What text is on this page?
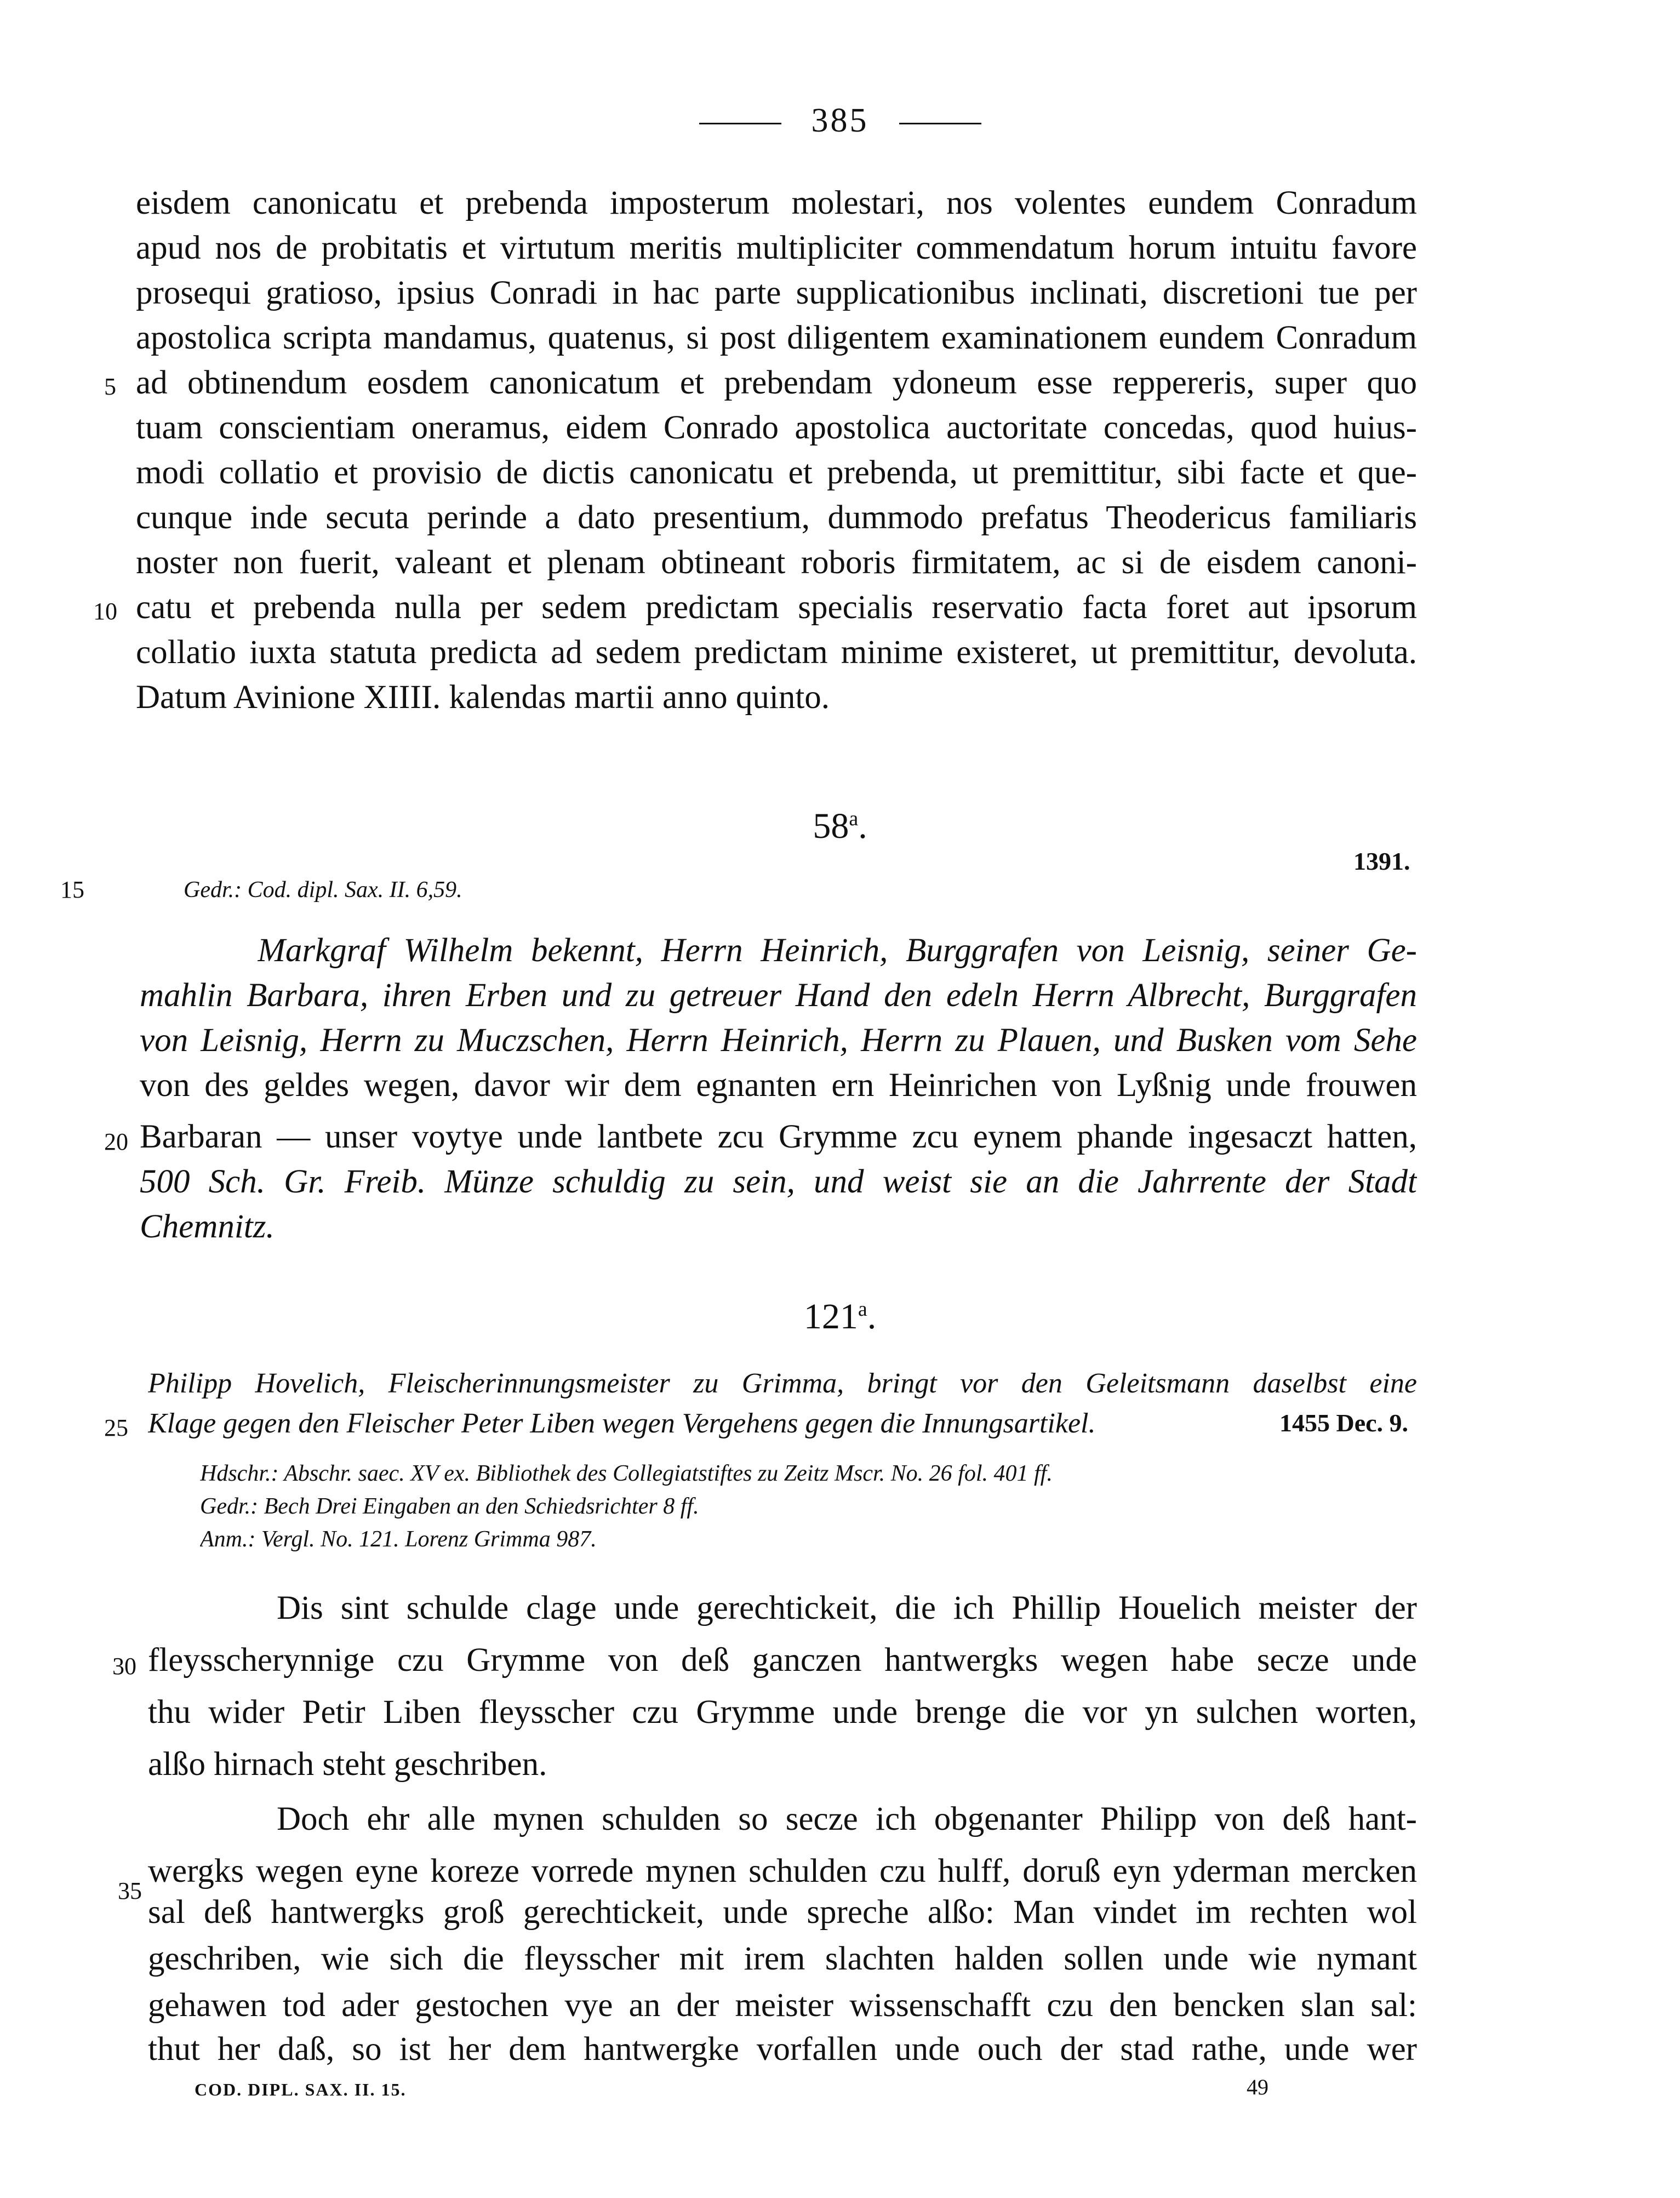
385
eisdem canonicatu et prebenda imposterum molestari, nos volentes eundem Conradum
apud nos de probitatis et virtutum meritis multipliciter commendatum horum intuitu favore
prosequi gratioso, ipsius Conradi in hac parte supplicationibus inclinati, discretioni tue per
apostolica scripta mandamus, quatenus, si post diligentem examinationem eundem Conradum
ad obtinendum eosdem canonicatum et prebendam ydoneum esse reppereris, super quo
tuam conscientiam oneramus, eidem Conrado apostolica auctoritate concedas, quod huius-
modi collatio et provisio de dictis canonicatu et prebenda, ut premittitur, sibi facte et que-
cunque inde secuta perinde a dato presentium, dummodo prefatus Theodericus familiaris
noster non fuerit, valeant et plenam obtineant roboris firmitatem, ac si de eisdem canoni-
catu et prebenda nulla per sedem predictam specialis reservatio facta foret aut ipsorum
collatio iuxta statuta predicta ad sedem predictam minime existeret, ut premittitur, devoluta.
Datum Avinione XIIII. kalendas martii anno quinto.
5
10
15
20
25
30
35
58$^a$.
1391.
Gedr.: Cod. dipl. Sax. II. 6,59.
Markgraf Wilhelm bekennt, Herrn Heinrich, Burggrafen von Leisnig, seiner Ge-
mahlin Barbara, ihren Erben und zu getreuer Hand den edeln Herrn Albrecht, Burggrafen
von Leisnig, Herrn zu Muczschen, Herrn Heinrich, Herrn zu Plauen, und Busken vom Sehe
von des geldes wegen, davor wir dem egnanten ern Heinrichen von Lyßnig unde frouwen
Barbaran — unser voytye unde lantbete zcu Grymme zcu eynem phande ingesaczt hatten,
500 Sch. Gr. Freib. Münze schuldig zu sein, und weist sie an die Jahrrente der Stadt
Chemnitz.
121$^a$.
Philipp Hovelich, Fleischerinnungsmeister zu Grimma, bringt vor den Geleitsmann daselbst eine
Klage gegen den Fleischer Peter Liben wegen Vergehens gegen die Innungsartikel.	1455 Dec. 9.
Hdschr.: Abschr. saec. XV ex. Bibliothek des Collegiatstiftes zu Zeitz Mscr. No. 26 fol. 401 ff.
Gedr.: Bech Drei Eingaben an den Schiedsrichter 8 ff.
Anm.: Vergl. No. 121. Lorenz Grimma 987.
Dis sint schulde clage unde gerechtickeit, die ich Phillip Houelich meister der
fleysscherynnige czu Grymme von deß ganczen hantwergks wegen habe secze unde
thu wider Petir Liben fleysscher czu Grymme unde brenge die vor yn sulchen worten,
alßo hirnach steht geschriben.
Doch ehr alle mynen schulden so secze ich obgenanter Philipp von deß hant-
wergks wegen eyne koreze vorrede mynen schulden czu hulff, doruß eyn yderman mercken
sal deß hantwergks groß gerechtickeit, unde spreche alßo: Man vindet im rechten wol
geschriben, wie sich die fleysscher mit irem slachten halden sollen unde wie nymant
gehawen tod ader gestochen vye an der meister wissenschafft czu den bencken slan sal:
thut her daß, so ist her dem hantwergke vorfallen unde ouch der stad rathe, unde wer
COD. DIPL. SAX. II. 15.	49
